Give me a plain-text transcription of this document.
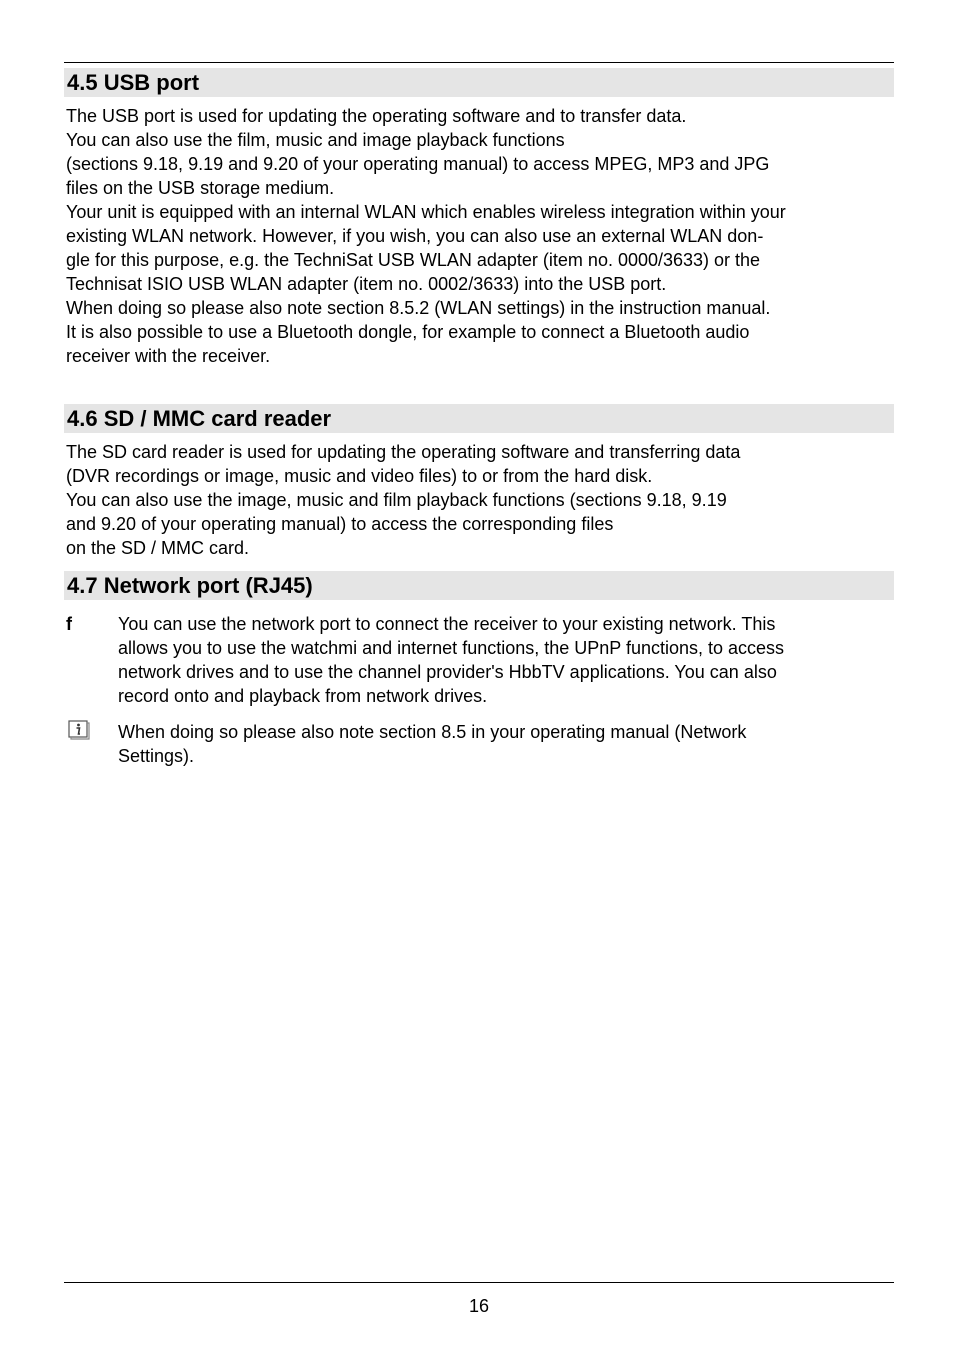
4.5 USB port
The USB port is used for updating the operating software and to transfer data.
You can also use the film, music and image playback functions
(sections 9.18, 9.19 and 9.20 of your operating manual) to access MPEG, MP3 and JPG
files on the USB storage medium.
Your unit is equipped with an internal WLAN which enables wireless integration within your
existing WLAN network. However, if you wish, you can also use an external WLAN don-
gle for this purpose, e.g. the TechniSat USB WLAN adapter (item no. 0000/3633) or the
Technisat ISIO USB WLAN adapter (item no. 0002/3633) into the USB port.
When doing so please also note section 8.5.2 (WLAN settings) in the instruction manual.
It is also possible to use a Bluetooth dongle, for example to connect a Bluetooth audio
receiver with the receiver.
4.6 SD / MMC card reader
The SD card reader is used for updating the operating software and transferring data
(DVR recordings or image, music and video files) to or from the hard disk.
You can also use the image, music and film playback functions (sections 9.18, 9.19
and 9.20 of your operating manual) to access the corresponding files
on the SD / MMC card.
4.7 Network port (RJ45)
f	You can use the network port to connect the receiver to your existing network. This
allows you to use the watchmi and internet functions, the UPnP functions, to access
network drives and to use the channel provider's HbbTV applications. You can also
record onto and playback from network drives.
When doing so please also note section 8.5 in your operating manual (Network
Settings).
16
